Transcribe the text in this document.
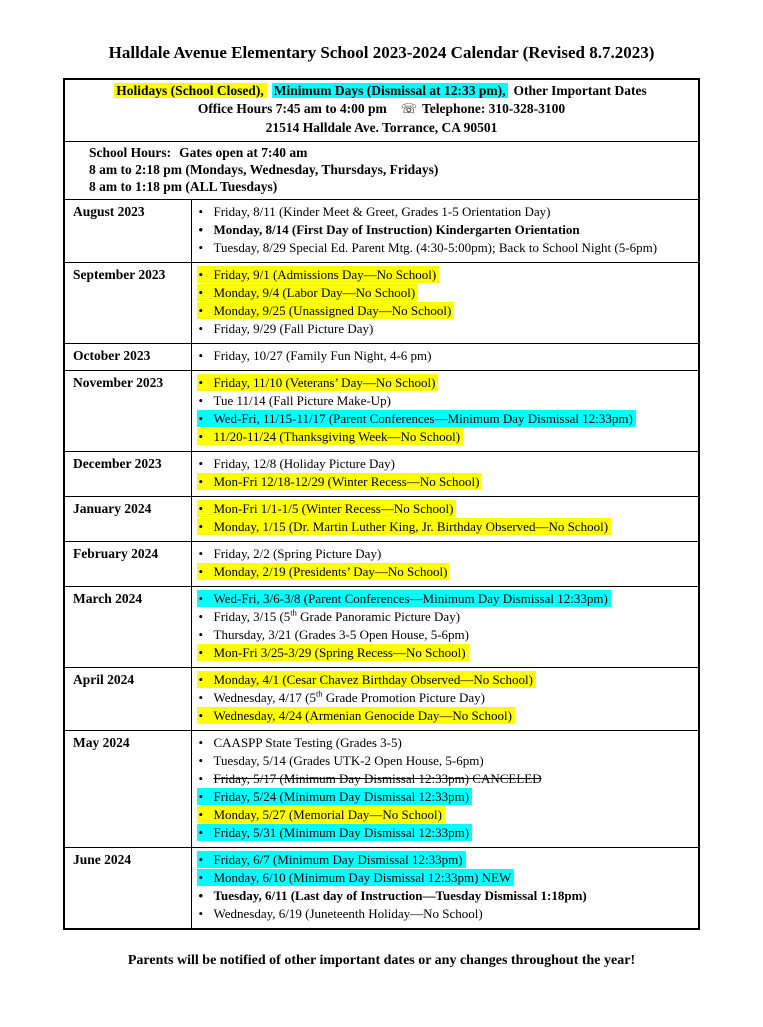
Halldale Avenue Elementary School 2023-2024 Calendar (Revised 8.7.2023)
Holidays (School Closed), Minimum Days (Dismissal at 12:33 pm), Other Important Dates
Office Hours 7:45 am to 4:00 pm ☏ Telephone: 310-328-3100
21514 Halldale Ave. Torrance, CA 90501	

School Hours: Gates open at 7:40 am
8 am to 2:18 pm (Mondays, Wednesday, Thursdays, Fridays)
8 am to 1:18 pm (ALL Tuesdays)	

August 2023	• Friday, 8/11 (Kinder Meet & Greet, Grades 1-5 Orientation Day)
• Monday, 8/14 (First Day of Instruction) Kindergarten Orientation
• Tuesday, 8/29 Special Ed. Parent Mtg. (4:30-5:00pm); Back to School Night (5-6pm)

September 2023	• Friday, 9/1 (Admissions Day—No School)
• Monday, 9/4 (Labor Day—No School)
• Monday, 9/25 (Unassigned Day—No School)
• Friday, 9/29 (Fall Picture Day)

October 2023	• Friday, 10/27 (Family Fun Night, 4-6 pm)

November 2023	• Friday, 11/10 (Veterans’ Day—No School)
• Tue 11/14 (Fall Picture Make-Up)
• Wed-Fri, 11/15-11/17 (Parent Conferences—Minimum Day Dismissal 12:33pm)
• 11/20-11/24 (Thanksgiving Week—No School)

December 2023	• Friday, 12/8 (Holiday Picture Day)
• Mon-Fri 12/18-12/29 (Winter Recess—No School)

January 2024	• Mon-Fri 1/1-1/5 (Winter Recess—No School)
• Monday, 1/15 (Dr. Martin Luther King, Jr. Birthday Observed—No School)

February 2024	• Friday, 2/2 (Spring Picture Day)
• Monday, 2/19 (Presidents’ Day—No School)

March 2024	• Wed-Fri, 3/6-3/8 (Parent Conferences—Minimum Day Dismissal 12:33pm)
• Friday, 3/15 (5th Grade Panoramic Picture Day)
• Thursday, 3/21 (Grades 3-5 Open House, 5-6pm)
• Mon-Fri 3/25-3/29 (Spring Recess—No School)

April 2024	• Monday, 4/1 (Cesar Chavez Birthday Observed—No School)
• Wednesday, 4/17 (5th Grade Promotion Picture Day)
• Wednesday, 4/24 (Armenian Genocide Day—No School)

May 2024	• CAASPP State Testing (Grades 3-5)
• Tuesday, 5/14 (Grades UTK-2 Open House, 5-6pm)
• Friday, 5/17 (Minimum Day Dismissal 12:33pm) CANCELED
• Friday, 5/24 (Minimum Day Dismissal 12:33pm)
• Monday, 5/27 (Memorial Day—No School)
• Friday, 5/31 (Minimum Day Dismissal 12:33pm)

June 2024	• Friday, 6/7 (Minimum Day Dismissal 12:33pm)
• Monday, 6/10 (Minimum Day Dismissal 12:33pm) NEW
• Tuesday, 6/11 (Last day of Instruction—Tuesday Dismissal 1:18pm)
• Wednesday, 6/19 (Juneteenth Holiday—No School)
Parents will be notified of other important dates or any changes throughout the year!
